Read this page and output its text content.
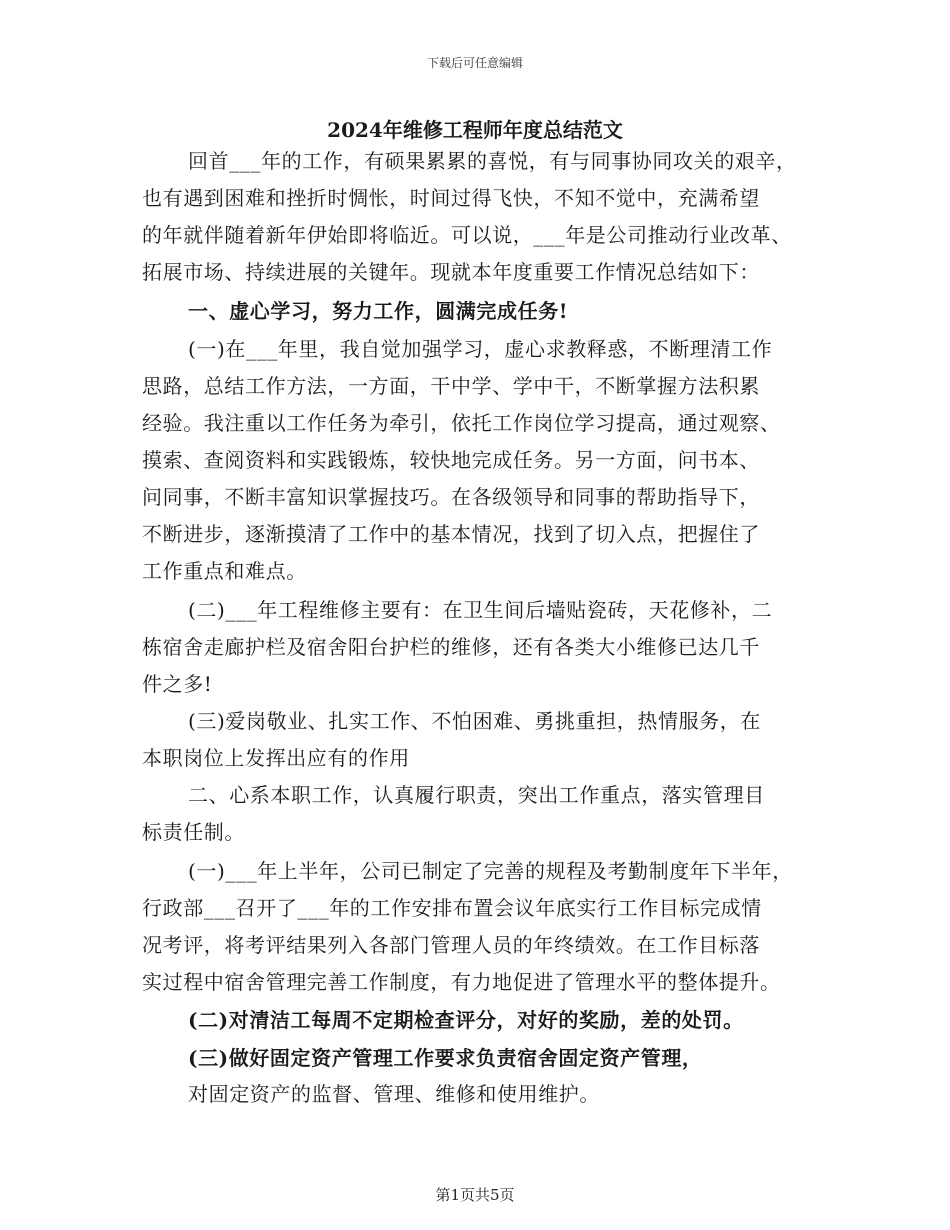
下载后可任意编辑
2024年维修工程师年度总结范文
回首___年的工作，有硕果累累的喜悦，有与同事协同攻关的艰辛，
也有遇到困难和挫折时惆怅，时间过得飞快，不知不觉中，充满希望
的年就伴随着新年伊始即将临近。可以说，___年是公司推动行业改革、
拓展市场、持续进展的关键年。现就本年度重要工作情况总结如下：
一、虚心学习，努力工作，圆满完成任务!
(一)在___年里，我自觉加强学习，虚心求教释惑，不断理清工作
思路，总结工作方法，一方面，干中学、学中干，不断掌握方法积累
经验。我注重以工作任务为牵引，依托工作岗位学习提高，通过观察、
摸索、查阅资料和实践锻炼，较快地完成任务。另一方面，问书本、
问同事，不断丰富知识掌握技巧。在各级领导和同事的帮助指导下，
不断进步，逐渐摸清了工作中的基本情况，找到了切入点，把握住了
工作重点和难点。
(二)___年工程维修主要有：在卫生间后墙贴瓷砖，天花修补，二
栋宿舍走廊护栏及宿舍阳台护栏的维修，还有各类大小维修已达几千
件之多!
(三)爱岗敬业、扎实工作、不怕困难、勇挑重担，热情服务，在
本职岗位上发挥出应有的作用
二、心系本职工作，认真履行职责，突出工作重点，落实管理目
标责任制。
(一)___年上半年，公司已制定了完善的规程及考勤制度年下半年，
行政部___召开了___年的工作安排布置会议年底实行工作目标完成情
况考评，将考评结果列入各部门管理人员的年终绩效。在工作目标落
实过程中宿舍管理完善工作制度，有力地促进了管理水平的整体提升。
(二)对清洁工每周不定期检查评分，对好的奖励，差的处罚。
(三)做好固定资产管理工作要求负责宿舍固定资产管理，
对固定资产的监督、管理、维修和使用维护。
第1页共5页
